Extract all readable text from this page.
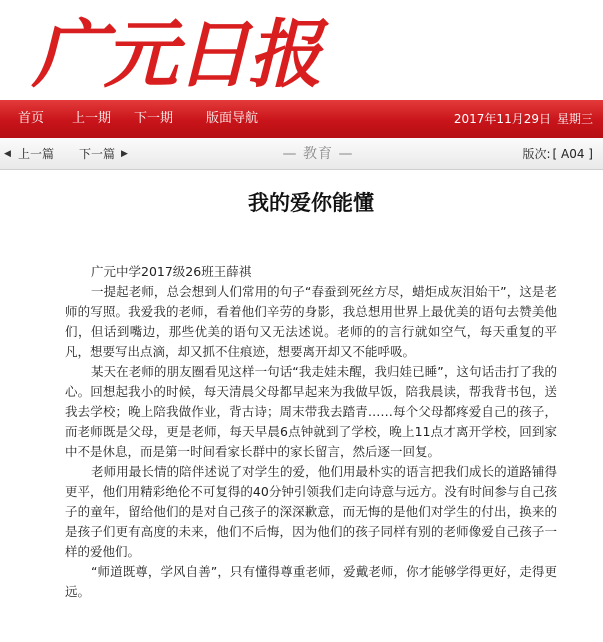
广元日报
首页 上一期 下一期	版面导航	2017年11月29日 星期三
◀ 上一篇 下一篇 ▶	— 教育 —	版次: [ A04 ]
我的爱你能懂
广元中学2017级26班王薛祺

一提起老师，总会想到人们常用的句子“春蚕到死丝方尽，蜡炬成灰泪始干”，这是老师的写照。我爱我的老师，看着他们辛劳的身影，我总想用世界上最优美的语句去赞美他们，但话到嘴边，那些优美的语句又无法述说。老师的的言行就如空气，每天重复的平凡，想要写出点滴，却又抓不住痕迹，想要离开却又不能呼吸。

某天在老师的朋友圈看见这样一句话“我走娃未醒，我归娃已睡”，这句话击打了我的心。回想起我小的时候，每天清晨父母都早起来为我做早饭，陪我晨读，帮我背书包，送我去学校；晚上陪我做作业，背古诗；周末带我去踏青……每个父母都疼爱自己的孩子，而老师既是父母，更是老师，每天早晨6点钟就到了学校，晚上11点才离开学校，回到家中不是休息，而是第一时间看家长群中的家长留言，然后逐一回复。

老师用最长情的陪伴述说了对学生的爱，他们用最朴实的语言把我们成长的道路铺得更平，他们用精彩绝伦不可复得的40分钟引领我们走向诗意与远方。没有时间参与自己孩子的童年，留给他们的是对自己孩子的深深歉意，而无悔的是他们对学生的付出，换来的是孩子们更有高度的未来，他们不后悔，因为他们的孩子同样有别的老师像爱自己孩子一样的爱他们。

“师道既尊，学风自善”，只有懂得尊重老师，爱戴老师，你才能够学得更好，走得更远。
